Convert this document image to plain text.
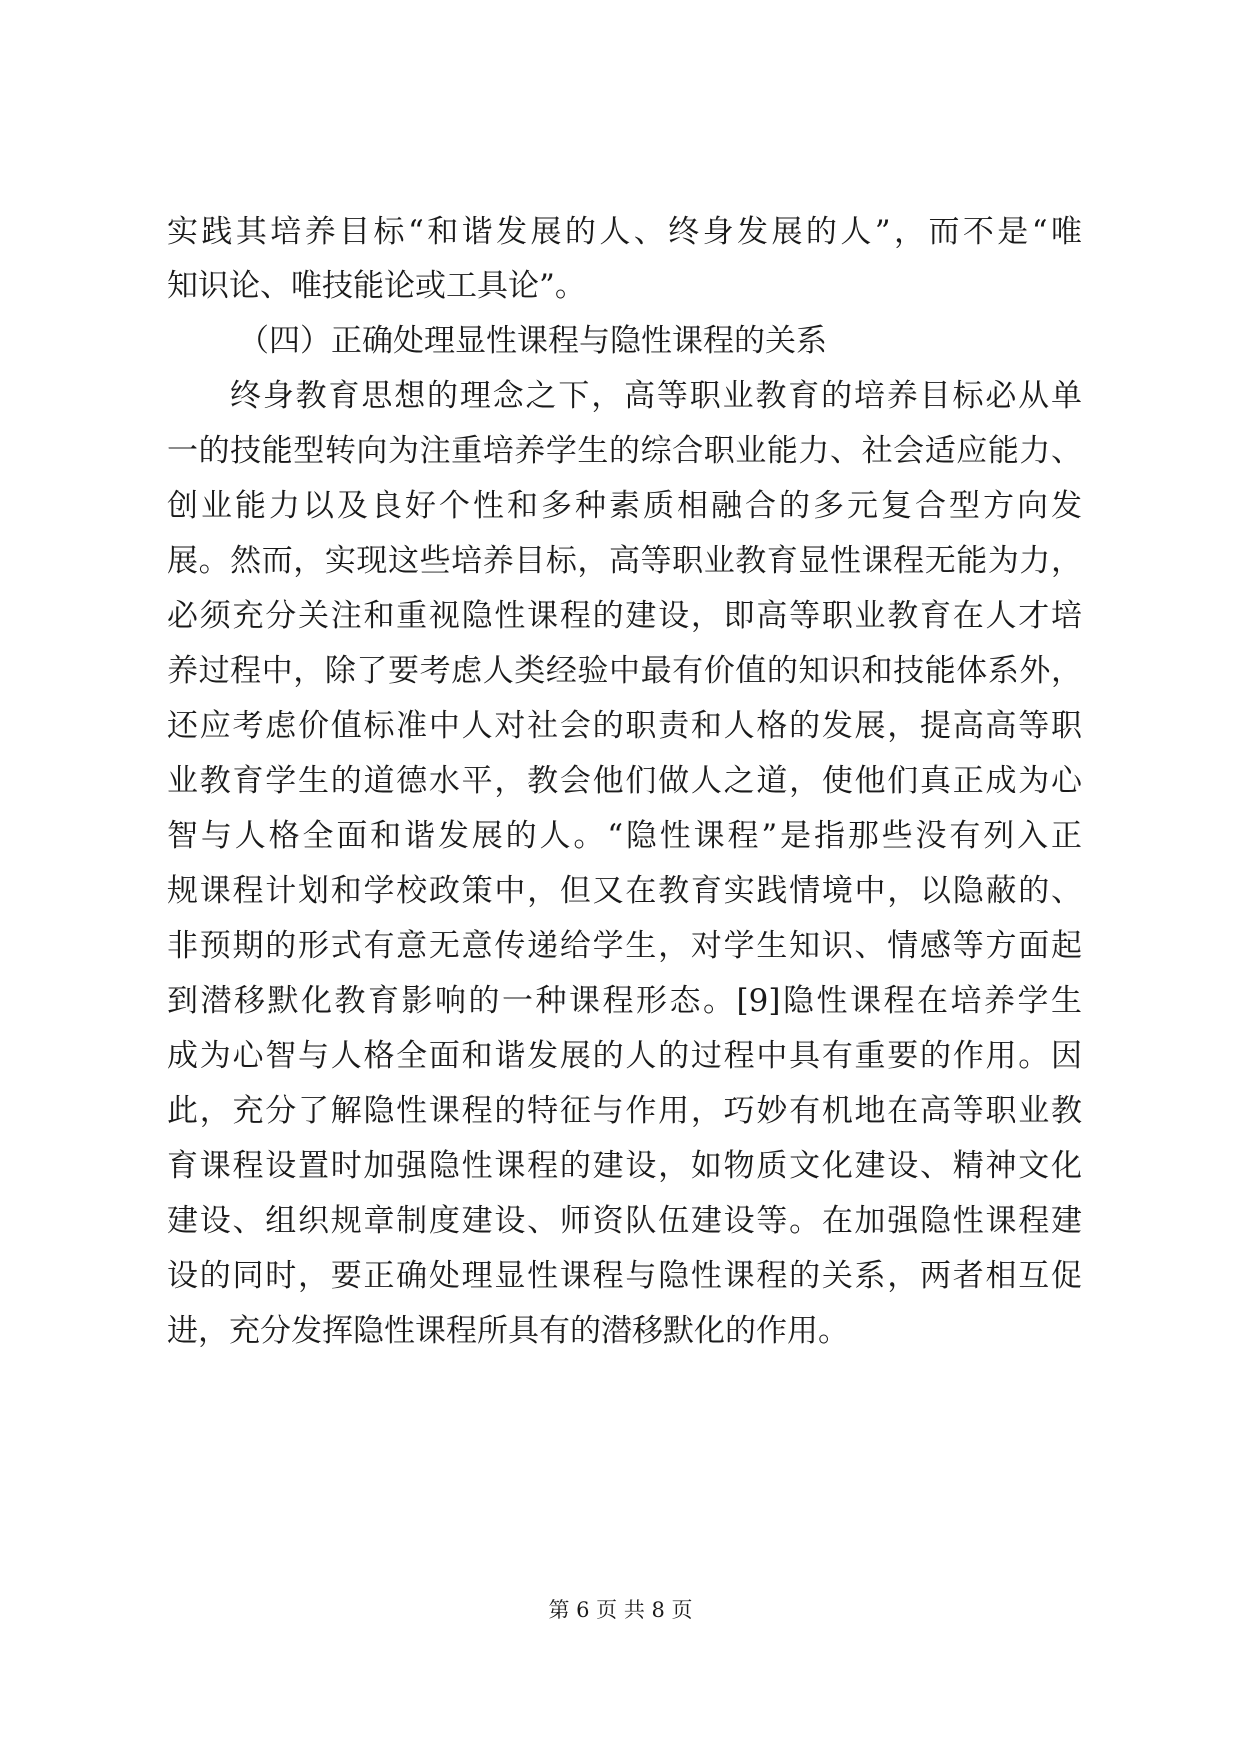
实践其培养目标“和谐发展的人、终身发展的人”，而不是“唯
知识论、唯技能论或工具论”。
（四）正确处理显性课程与隐性课程的关系
终身教育思想的理念之下，高等职业教育的培养目标必从单
一的技能型转向为注重培养学生的综合职业能力、社会适应能力、
创业能力以及良好个性和多种素质相融合的多元复合型方向发
展。然而，实现这些培养目标，高等职业教育显性课程无能为力，
必须充分关注和重视隐性课程的建设，即高等职业教育在人才培
养过程中，除了要考虑人类经验中最有价值的知识和技能体系外，
还应考虑价值标准中人对社会的职责和人格的发展，提高高等职
业教育学生的道德水平，教会他们做人之道，使他们真正成为心
智与人格全面和谐发展的人。“隐性课程”是指那些没有列入正
规课程计划和学校政策中，但又在教育实践情境中，以隐蔽的、
非预期的形式有意无意传递给学生，对学生知识、情感等方面起
到潜移默化教育影响的一种课程形态。[9]隐性课程在培养学生
成为心智与人格全面和谐发展的人的过程中具有重要的作用。因
此，充分了解隐性课程的特征与作用，巧妙有机地在高等职业教
育课程设置时加强隐性课程的建设，如物质文化建设、精神文化
建设、组织规章制度建设、师资队伍建设等。在加强隐性课程建
设的同时，要正确处理显性课程与隐性课程的关系，两者相互促
进，充分发挥隐性课程所具有的潜移默化的作用。
第 6 页 共 8 页
